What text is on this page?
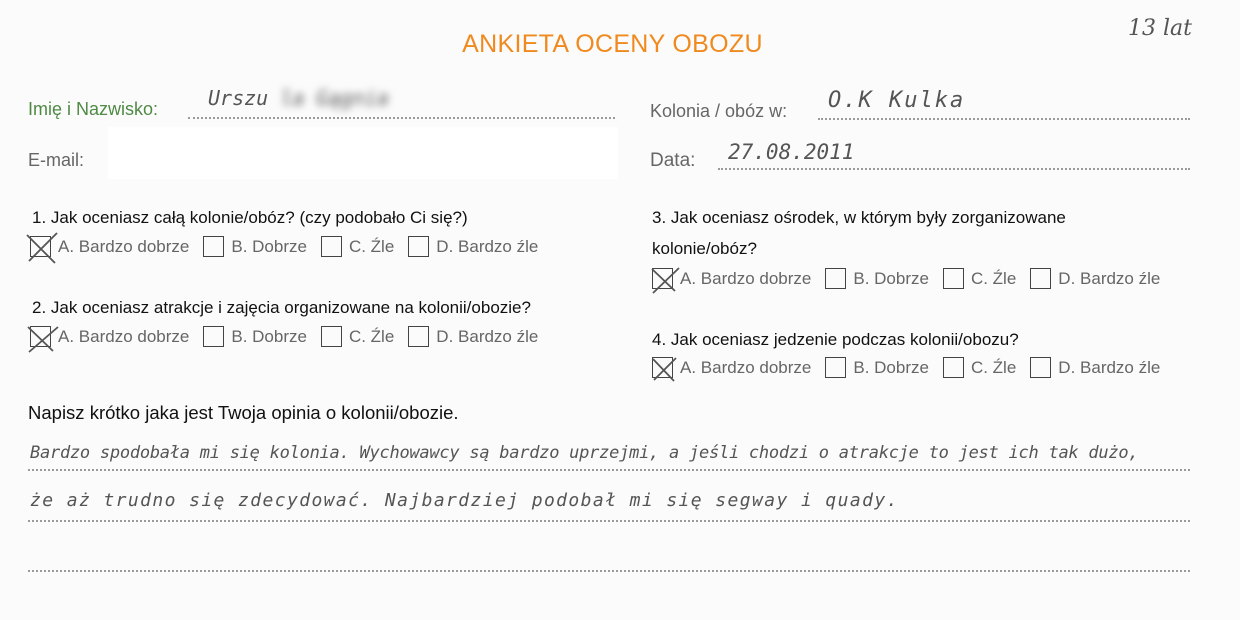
ANKIETA OCENY OBOZU
13 lat
Imię i Nazwisko: Urszu la Gągnia
E-mail:
Kolonia / obóz w: O.K Kulka
Data: 27.08.2011
1. Jak oceniasz całą kolonie/obóz? (czy podobało Ci się?)
A. Bardzo dobrze B. Dobrze C. Źle D. Bardzo źle
2. Jak oceniasz atrakcje i zajęcia organizowane na kolonii/obozie?
A. Bardzo dobrze B. Dobrze C. Źle D. Bardzo źle
3. Jak oceniasz ośrodek, w którym były zorganizowane
kolonie/obóz?
A. Bardzo dobrze B. Dobrze C. Źle D. Bardzo źle
4. Jak oceniasz jedzenie podczas kolonii/obozu?
A. Bardzo dobrze B. Dobrze C. Źle D. Bardzo źle
Napisz krótko jaka jest Twoja opinia o kolonii/obozie.
Bardzo spodobała mi się kolonia. Wychowawcy są bardzo uprzejmi, a jeśli chodzi o atrakcje to jest ich tak dużo,
że aż trudno się zdecydować. Najbardziej podobał mi się segway i quady.
